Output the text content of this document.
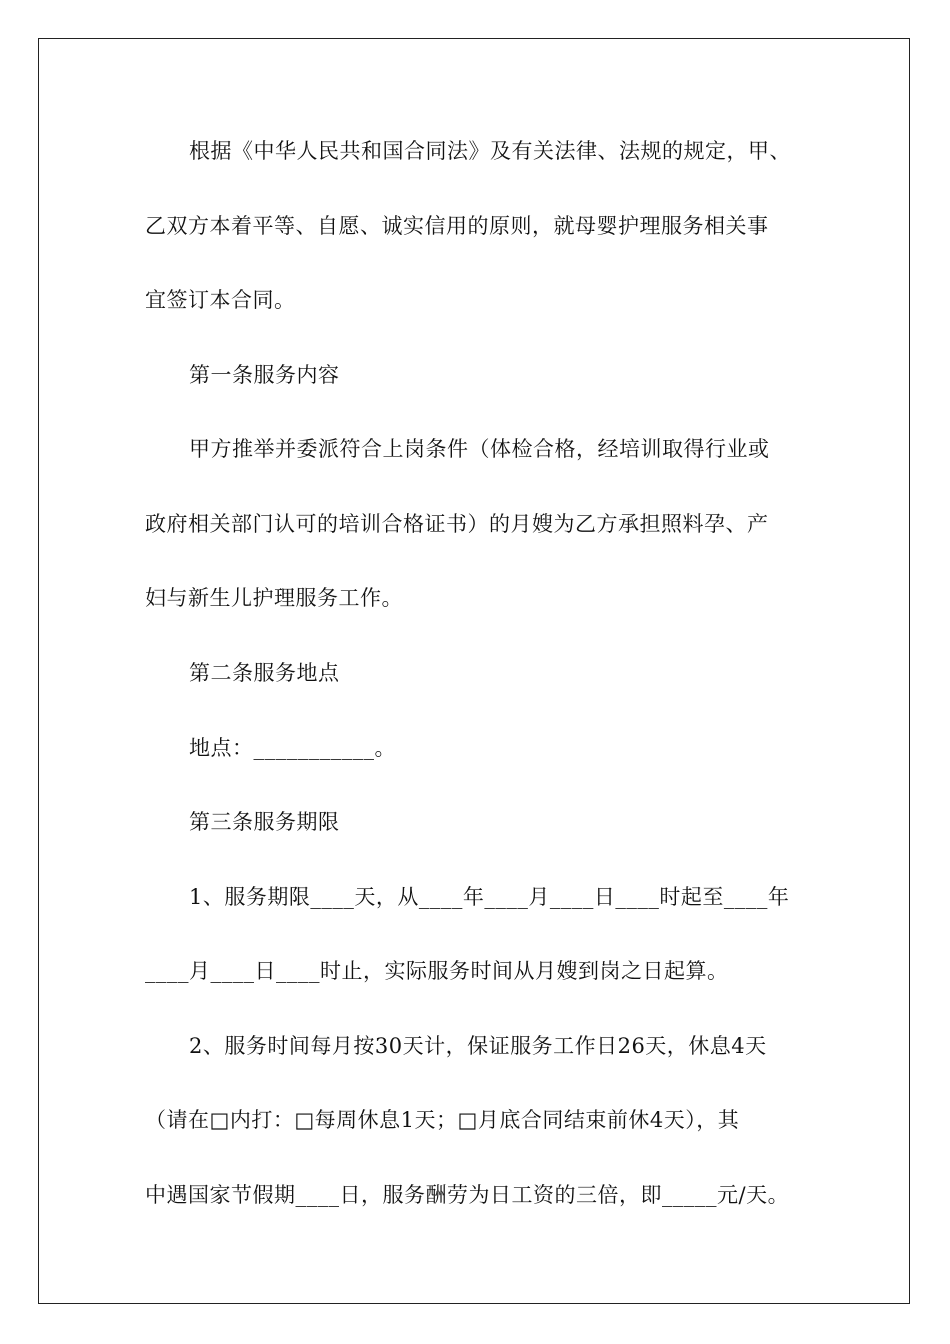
根据《中华人民共和国合同法》及有关法律、法规的规定，甲、
乙双方本着平等、自愿、诚实信用的原则，就母婴护理服务相关事
宜签订本合同。
第一条服务内容
甲方推举并委派符合上岗条件（体检合格，经培训取得行业或
政府相关部门认可的培训合格证书）的月嫂为乙方承担照料孕、产
妇与新生儿护理服务工作。
第二条服务地点
地点：___________。
第三条服务期限
1、服务期限____天，从____年____月____日____时起至____年
____月____日____时止，实际服务时间从月嫂到岗之日起算。
2、服务时间每月按30天计，保证服务工作日26天，休息4天
（请在□内打：□每周休息1天；□月底合同结束前休4天），其
中遇国家节假期____日，服务酬劳为日工资的三倍，即_____元/天。
